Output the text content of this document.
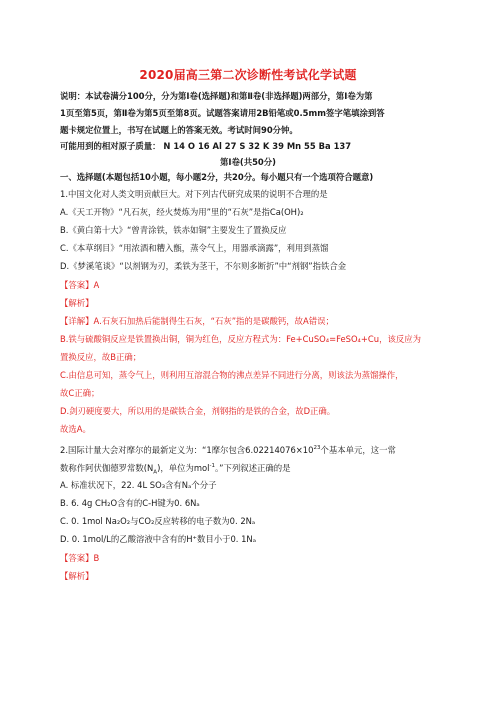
2020届高三第二次诊断性考试化学试题
说明：本试卷满分100分，分为第Ⅰ卷(选择题)和第Ⅱ卷(非选择题)两部分，第Ⅰ卷为第
1页至第5页，第Ⅱ卷为第5页至第8页。试题答案请用2B铅笔或0.5mm签字笔填涂到答
题卡规定位置上，书写在试题上的答案无效。考试时间90分钟。
可能用到的相对原子质量： N 14 O 16 Al 27 S 32 K 39 Mn 55 Ba 137
第Ⅰ卷(共50分)
一、选择题(本题包括10小题，每小题2分，共20分。每小题只有一个选项符合题意)
1.中国文化对人类文明贡献巨大。对下列古代研究成果的说明不合理的是
A.《天工开物》“凡石灰，经火焚炼为用”里的“石灰”是指Ca(OH)₂
B.《黄白第十大》“曾青涂铁，铁赤如铜”主要发生了置换反应
C.《本草纲目》“用浓酒和糟入甑，蒸令气上，用器承滴露”，利用到蒸馏
D.《梦溪笔谈》“以剂钢为刃，柔铁为茎干，不尔则多断折”中“剂钢”指铁合金
【答案】A
【解析】
【详解】A.石灰石加热后能制得生石灰，“石灰”指的是碳酸钙，故A错误；
B.铁与硫酸铜反应是铁置换出铜，铜为红色，反应方程式为：Fe+CuSO₄=FeSO₄+Cu，该反应为
置换反应，故B正确；
C.由信息可知，蒸令气上，则利用互溶混合物的沸点差异不同进行分离，则该法为蒸馏操作，
故C正确；
D.剑刃硬度要大，所以用的是碳铁合金，剂钢指的是铁的合金，故D正确。
故选A。
2.国际计量大会对摩尔的最新定义为：“1摩尔包含$6.02214076\times 10^{23}$个基本单元，这一常
数称作阿伏伽德罗常数$(N_A)$，单位为mol$^{-1}$。”下列叙述正确的是
A. 标准状况下，22. 4L SO₃含有Nₐ个分子
B. 6. 4g CH₂O含有的C-H键为0. 6Nₐ
C. 0. 1mol Na₂O₂与CO₂反应转移的电子数为0. 2Nₐ
D. 0. 1mol/L的乙酸溶液中含有的H⁺数目小于0. 1Nₐ
【答案】B
【解析】
